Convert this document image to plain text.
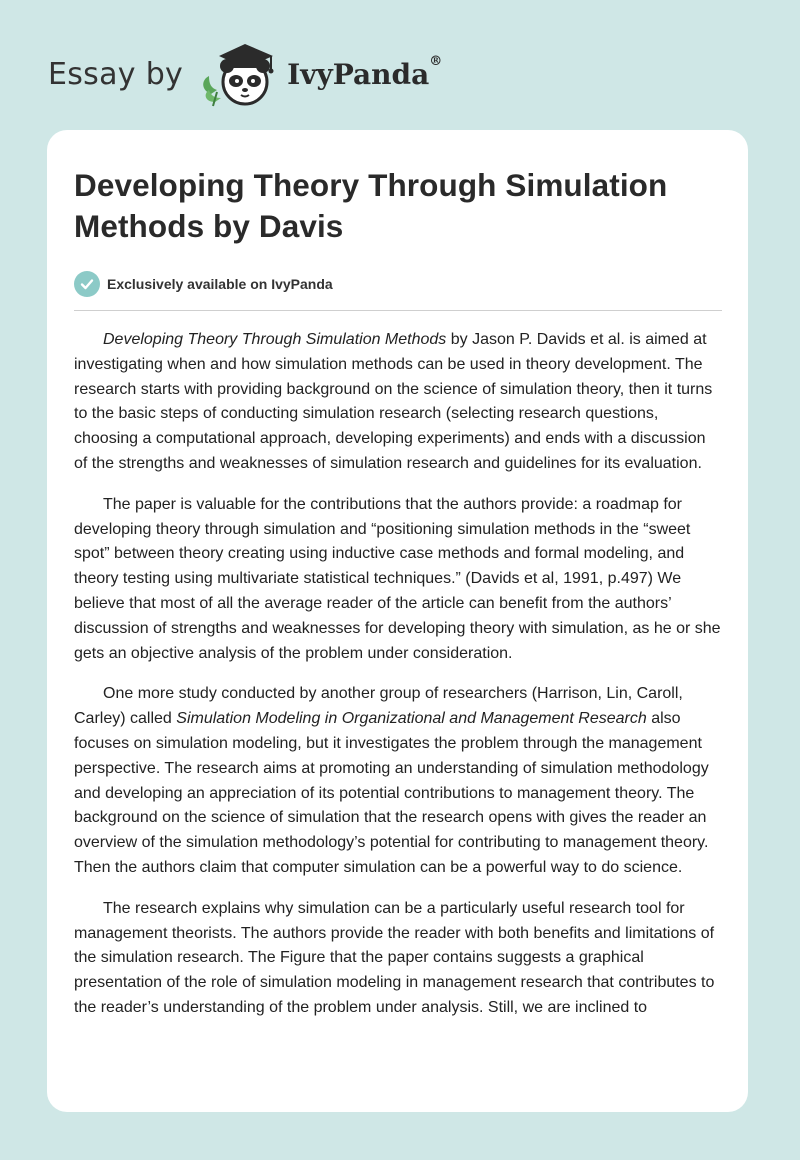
Essay by	IvyPanda®
Developing Theory Through Simulation Methods by Davis
Exclusively available on IvyPanda

Developing Theory Through Simulation Methods by Jason P. Davids et al. is aimed at investigating when and how simulation methods can be used in theory development. The research starts with providing background on the science of simulation theory, then it turns to the basic steps of conducting simulation research (selecting research questions, choosing a computational approach, developing experiments) and ends with a discussion of the strengths and weaknesses of simulation research and guidelines for its evaluation.

The paper is valuable for the contributions that the authors provide: a roadmap for developing theory through simulation and “positioning simulation methods in the “sweet spot” between theory creating using inductive case methods and formal modeling, and theory testing using multivariate statistical techniques.” (Davids et al, 1991, p.497) We believe that most of all the average reader of the article can benefit from the authors’ discussion of strengths and weaknesses for developing theory with simulation, as he or she gets an objective analysis of the problem under consideration.

One more study conducted by another group of researchers (Harrison, Lin, Caroll, Carley) called Simulation Modeling in Organizational and Management Research also focuses on simulation modeling, but it investigates the problem through the management perspective. The research aims at promoting an understanding of simulation methodology and developing an appreciation of its potential contributions to management theory. The background on the science of simulation that the research opens with gives the reader an overview of the simulation methodology’s potential for contributing to management theory. Then the authors claim that computer simulation can be a powerful way to do science.

The research explains why simulation can be a particularly useful research tool for management theorists. The authors provide the reader with both benefits and limitations of the simulation research. The Figure that the paper contains suggests a graphical presentation of the role of simulation modeling in management research that contributes to the reader’s understanding of the problem under analysis. Still, we are inclined to
